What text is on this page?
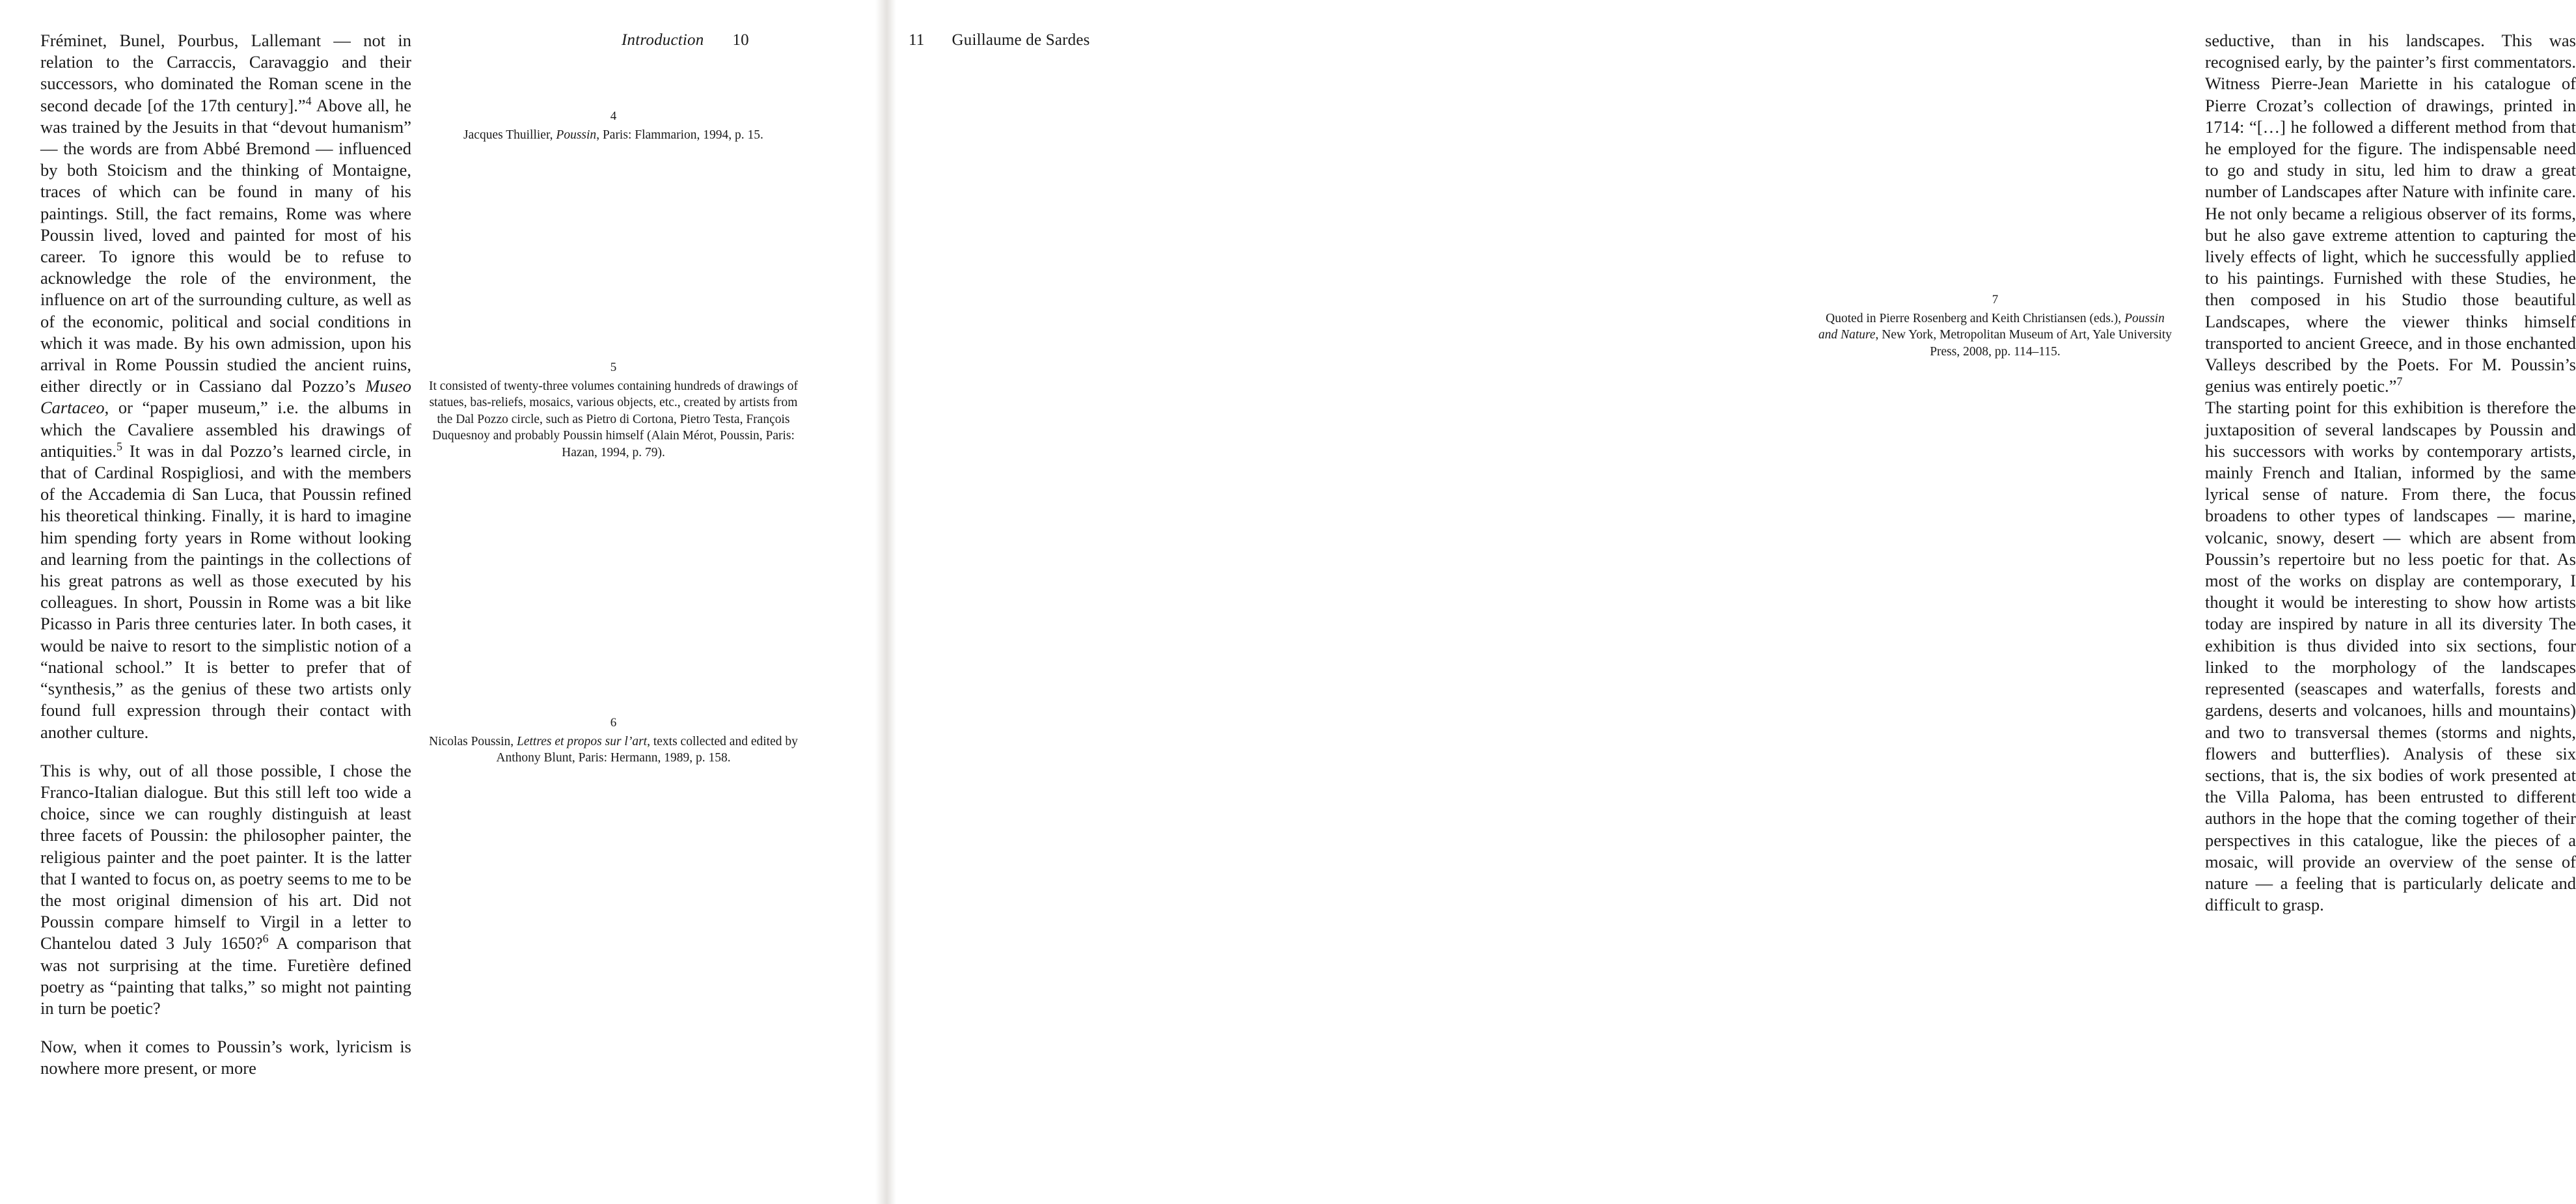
Introduction 10

Fréminet, Bunel, Pourbus, Lallemant — not in relation to the Carraccis, Caravaggio and their successors, who dominated the Roman scene in the second decade [of the 17th century].”$^4$ Above all, he was trained by the Jesuits in that “devout humanism” — the words are from Abbé Bremond — influenced by both Stoicism and the thinking of Montaigne, traces of which can be found in many of his paintings. Still, the fact remains, Rome was where Poussin lived, loved and painted for most of his career. To ignore this would be to refuse to acknowledge the role of the environment, the influence on art of the surrounding culture, as well as of the economic, political and social conditions in which it was made. By his own admission, upon his arrival in Rome Poussin studied the ancient ruins, either directly or in Cassiano dal Pozzo’s Museo Cartaceo, or “paper museum,” i.e. the albums in which the Cavaliere assembled his drawings of antiquities.$^5$ It was in dal Pozzo’s learned circle, in that of Cardinal Rospigliosi, and with the members of the Accademia di San Luca, that Poussin refined his theoretical thinking. Finally, it is hard to imagine him spending forty years in Rome without looking and learning from the paintings in the collections of his great patrons as well as those executed by his colleagues. In short, Poussin in Rome was a bit like Picasso in Paris three centuries later. In both cases, it would be naive to resort to the simplistic notion of a “national school.” It is better to prefer that of “synthesis,” as the genius of these two artists only found full expression through their contact with another culture.

This is why, out of all those possible, I chose the Franco-Italian dialogue. But this still left too wide a choice, since we can roughly distinguish at least three facets of Poussin: the philosopher painter, the religious painter and the poet painter. It is the latter that I wanted to focus on, as poetry seems to me to be the most original dimension of his art. Did not Poussin compare himself to Virgil in a letter to Chantelou dated 3 July 1650?$^6$ A comparison that was not surprising at the time. Furetière defined poetry as “painting that talks,” so might not painting in turn be poetic?

Now, when it comes to Poussin’s work, lyricism is nowhere more present, or more

4
Jacques Thuillier, Poussin, Paris: Flammarion, 1994, p. 15.
5
It consisted of twenty-three volumes containing hundreds of drawings of statues, bas-reliefs, mosaics, various objects, etc., created by artists from the Dal Pozzo circle, such as Pietro di Cortona, Pietro Testa, François Duquesnoy and probably Poussin himself (Alain Mérot, Poussin, Paris: Hazan, 1994, p. 79).
6
Nicolas Poussin, Lettres et propos sur l’art, texts collected and edited by Anthony Blunt, Paris: Hermann, 1989, p. 158.
11 Guillaume de Sardes
7
Quoted in Pierre Rosenberg and Keith Christiansen (eds.), Poussin and Nature, New York, Metropolitan Museum of Art, Yale University Press, 2008, pp. 114–115.

seductive, than in his landscapes. This was recognised early, by the painter’s first commentators. Witness Pierre-Jean Mariette in his catalogue of Pierre Crozat’s collection of drawings, printed in 1714: “[…] he followed a different method from that he employed for the figure. The indispensable need to go and study in situ, led him to draw a great number of Landscapes after Nature with infinite care. He not only became a religious observer of its forms, but he also gave extreme attention to capturing the lively effects of light, which he successfully applied to his paintings. Furnished with these Studies, he then composed in his Studio those beautiful Landscapes, where the viewer thinks himself transported to ancient Greece, and in those enchanted Valleys described by the Poets. For M. Poussin’s genius was entirely poetic.”$^7$

The starting point for this exhibition is therefore the juxtaposition of several landscapes by Poussin and his successors with works by contemporary artists, mainly French and Italian, informed by the same lyrical sense of nature. From there, the focus broadens to other types of landscapes — marine, volcanic, snowy, desert — which are absent from Poussin’s repertoire but no less poetic for that. As most of the works on display are contemporary, I thought it would be interesting to show how artists today are inspired by nature in all its diversity The exhibition is thus divided into six sections, four linked to the morphology of the landscapes represented (seascapes and waterfalls, forests and gardens, deserts and volcanoes, hills and mountains) and two to transversal themes (storms and nights, flowers and butterflies). Analysis of these six sections, that is, the six bodies of work presented at the Villa Paloma, has been entrusted to different authors in the hope that the coming together of their perspectives in this catalogue, like the pieces of a mosaic, will provide an overview of the sense of nature — a feeling that is particularly delicate and difficult to grasp.
